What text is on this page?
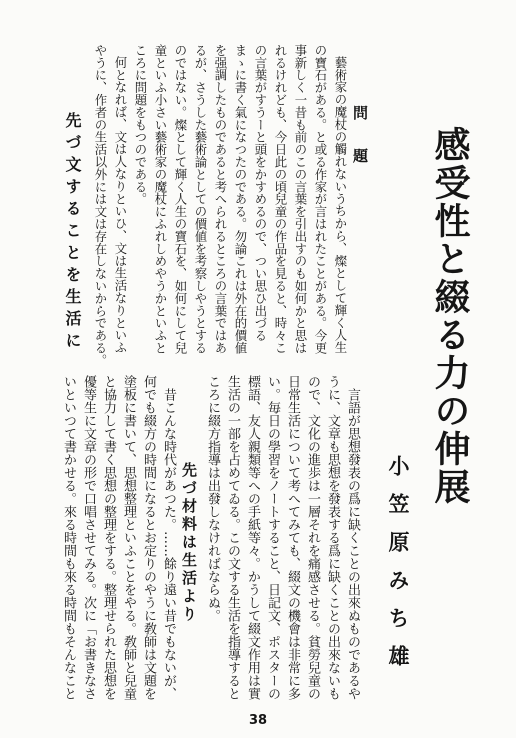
感受性と綴る力の伸展
小笠原みち雄
問題
藝術家の魔杖の觸れないうちから、燦として輝く人生
の寶石がある。と或る作家が言はれたことがある。今更
事新しく一昔も前のこの言葉を引出すのも如何かと思は
れるけれども、今日此の頃兒童の作品を見ると、時々こ
の言葉がすうーと頭をかすめるので、つい思ひ出づる
まゝに書く氣になつたのである。勿論これは外在的價値
を强調したものであると考へられるところの言葉ではあ
るが、さうした藝術論としての價値を考察しやうとする
のではない。燦として輝く人生の寶石を、如何にして兒
童といふ小さい藝術家の魔杖にふれしめやうかといふと
ころに問題をもつのである。
何となれば、文は人なりといひ、文は生活なりといふ
やうに、作者の生活以外には文は存在しないからである。
先づ文することを生活に
言語が思想發表の爲に缺くことの出來ぬものであるや
うに、文章も思想を發表する爲に缺くことの出來ないも
ので、文化の進歩は一層それを痛感させる。貧勞兒童の
日常生活について考へてみても、綴文の機會は非常に多
い。毎日の學習をノートすること、日記文、ポスターの
標語、友人親類等への手紙等々。かうして綴文作用は實
生活の一部を占めてゐる。この文する生活を指導すると
ころに綴方指導は出發しなければならぬ。
先づ材料は生活より
昔こんな時代があつた。……餘り遠い昔でもないが、
何でも綴方の時間になるとお定りのやうに敎師は文題を
塗板に書いて、思想整理といふことをやる。敎師と兒童
と協力して書く思想の整理をする。整理せられた思想を
優等生に文章の形で口唱させてみる。次に「お書きなさ
いといつて書かせる。來る時間も來る時間もそんなこと
38
